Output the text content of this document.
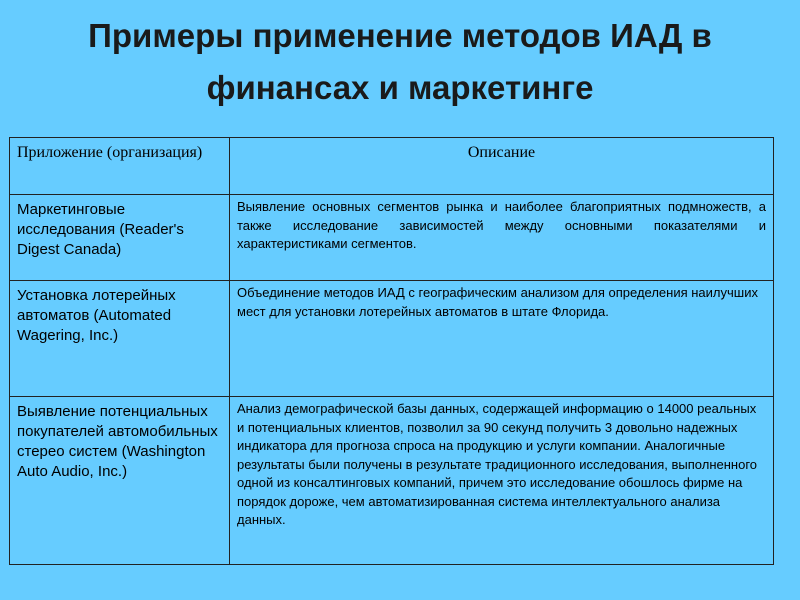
Примеры применение методов ИАД в
финансах и маркетинге
Приложение (организация)	Описание
Маркетинговые исследования (Reader's Digest Canada)	Выявление основных сегментов рынка и наиболее благоприятных подмножеств, а также исследование зависимостей между основными показателями и характеристиками сегментов.
Установка лотерейных автоматов (Automated Wagering, Inc.)	Объединение методов ИАД с географическим анализом для определения наилучших мест для установки лотерейных автоматов в штате Флорида.
Выявление потенциальных покупателей автомобильных стерео систем (Washington Auto Audio, Inc.)	Анализ демографической базы данных, содержащей информацию о 14000 реальных и потенциальных клиентов, позволил за 90 секунд получить 3 довольно надежных индикатора для прогноза спроса на продукцию и услуги компании. Аналогичные результаты были получены в результате традиционного исследования, выполненного одной из консалтинговых компаний, причем это исследование обошлось фирме на порядок дороже, чем автоматизированная система интеллектуального анализа данных.
